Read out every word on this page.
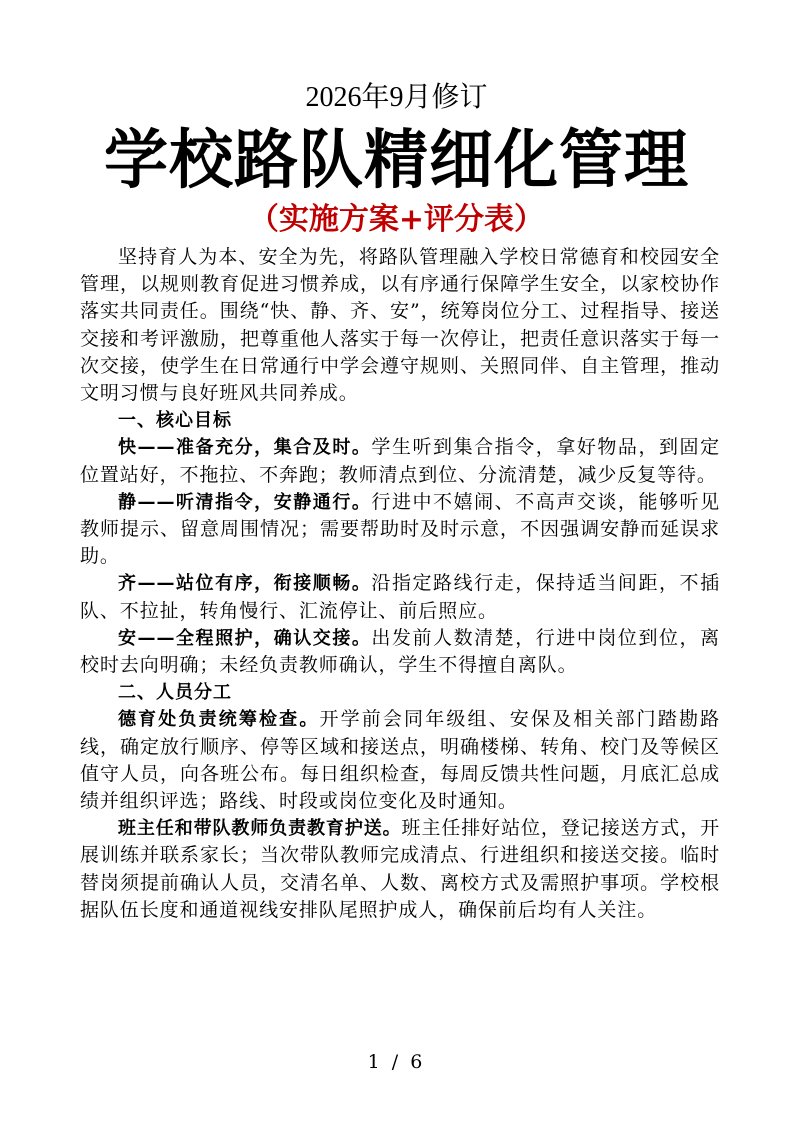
2026年9月修订
学校路队精细化管理
（实施方案+评分表）

坚持育人为本、安全为先，将路队管理融入学校日常德育和校园安全管理，以规则教育促进习惯养成，以有序通行保障学生安全，以家校协作落实共同责任。围绕“快、静、齐、安”，统筹岗位分工、过程指导、接送交接和考评激励，把尊重他人落实于每一次停让，把责任意识落实于每一次交接，使学生在日常通行中学会遵守规则、关照同伴、自主管理，推动文明习惯与良好班风共同养成。

一、核心目标

快——准备充分，集合及时。学生听到集合指令，拿好物品，到固定位置站好，不拖拉、不奔跑；教师清点到位、分流清楚，减少反复等待。

静——听清指令，安静通行。行进中不嬉闹、不高声交谈，能够听见教师提示、留意周围情况；需要帮助时及时示意，不因强调安静而延误求助。

齐——站位有序，衔接顺畅。沿指定路线行走，保持适当间距，不插队、不拉扯，转角慢行、汇流停让、前后照应。

安——全程照护，确认交接。出发前人数清楚，行进中岗位到位，离校时去向明确；未经负责教师确认，学生不得擅自离队。

二、人员分工

德育处负责统筹检查。开学前会同年级组、安保及相关部门踏勘路线，确定放行顺序、停等区域和接送点，明确楼梯、转角、校门及等候区值守人员，向各班公布。每日组织检查，每周反馈共性问题，月底汇总成绩并组织评选；路线、时段或岗位变化及时通知。

班主任和带队教师负责教育护送。班主任排好站位，登记接送方式，开展训练并联系家长；当次带队教师完成清点、行进组织和接送交接。临时替岗须提前确认人员，交清名单、人数、离校方式及需照护事项。学校根据队伍长度和通道视线安排队尾照护成人，确保前后均有人关注。

1 / 6
